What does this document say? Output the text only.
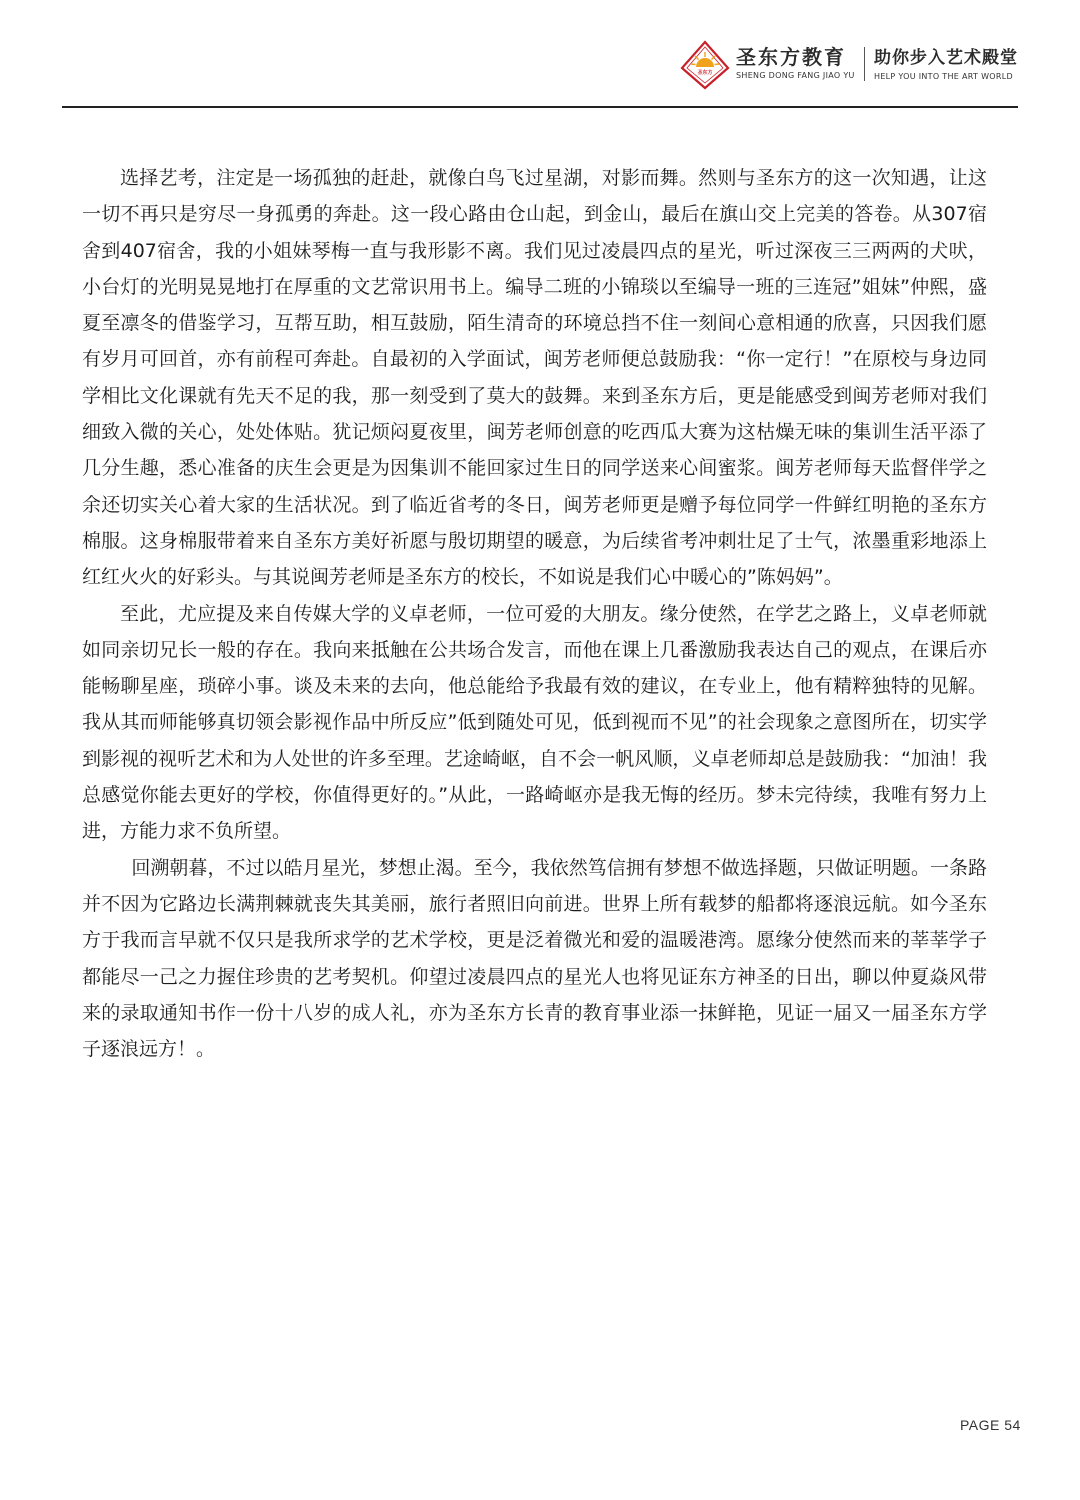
圣东方
圣东方教育
SHENG DONG FANG JIAO YU
助你步入艺术殿堂
HELP YOU INTO THE ART WORLD

选择艺考，注定是一场孤独的赶赴，就像白鸟飞过星湖，对影而舞。然则与圣东方的这一次知遇，让这一切不再只是穷尽一身孤勇的奔赴。这一段心路由仓山起，到金山，最后在旗山交上完美的答卷。从307宿舍到407宿舍，我的小姐妹琴梅一直与我形影不离。我们见过凌晨四点的星光，听过深夜三三两两的犬吠，小台灯的光明晃晃地打在厚重的文艺常识用书上。编导二班的小锦琰以至编导一班的三连冠”姐妹”仲熙，盛夏至凛冬的借鉴学习，互帮互助，相互鼓励，陌生清奇的环境总挡不住一刻间心意相通的欣喜，只因我们愿有岁月可回首，亦有前程可奔赴。自最初的入学面试，闽芳老师便总鼓励我：“你一定行！”在原校与身边同学相比文化课就有先天不足的我，那一刻受到了莫大的鼓舞。来到圣东方后，更是能感受到闽芳老师对我们细致入微的关心，处处体贴。犹记烦闷夏夜里，闽芳老师创意的吃西瓜大赛为这枯燥无味的集训生活平添了几分生趣，悉心准备的庆生会更是为因集训不能回家过生日的同学送来心间蜜浆。闽芳老师每天监督伴学之余还切实关心着大家的生活状况。到了临近省考的冬日，闽芳老师更是赠予每位同学一件鲜红明艳的圣东方棉服。这身棉服带着来自圣东方美好祈愿与殷切期望的暖意，为后续省考冲刺壮足了士气，浓墨重彩地添上红红火火的好彩头。与其说闽芳老师是圣东方的校长，不如说是我们心中暖心的”陈妈妈”。

至此，尤应提及来自传媒大学的义卓老师，一位可爱的大朋友。缘分使然，在学艺之路上，义卓老师就如同亲切兄长一般的存在。我向来抵触在公共场合发言，而他在课上几番激励我表达自己的观点，在课后亦能畅聊星座，琐碎小事。谈及未来的去向，他总能给予我最有效的建议，在专业上，他有精粹独特的见解。我从其而师能够真切领会影视作品中所反应”低到随处可见，低到视而不见”的社会现象之意图所在，切实学到影视的视听艺术和为人处世的许多至理。艺途崎岖，自不会一帆风顺，义卓老师却总是鼓励我：“加油！我总感觉你能去更好的学校，你值得更好的。”从此，一路崎岖亦是我无悔的经历。梦未完待续，我唯有努力上进，方能力求不负所望。

回溯朝暮，不过以皓月星光，梦想止渴。至今，我依然笃信拥有梦想不做选择题，只做证明题。一条路并不因为它路边长满荆棘就丧失其美丽，旅行者照旧向前进。世界上所有载梦的船都将逐浪远航。如今圣东方于我而言早就不仅只是我所求学的艺术学校，更是泛着微光和爱的温暖港湾。愿缘分使然而来的莘莘学子都能尽一己之力握住珍贵的艺考契机。仰望过凌晨四点的星光人也将见证东方神圣的日出，聊以仲夏焱风带来的录取通知书作一份十八岁的成人礼，亦为圣东方长青的教育事业添一抹鲜艳，见证一届又一届圣东方学子逐浪远方！。

PAGE 54
